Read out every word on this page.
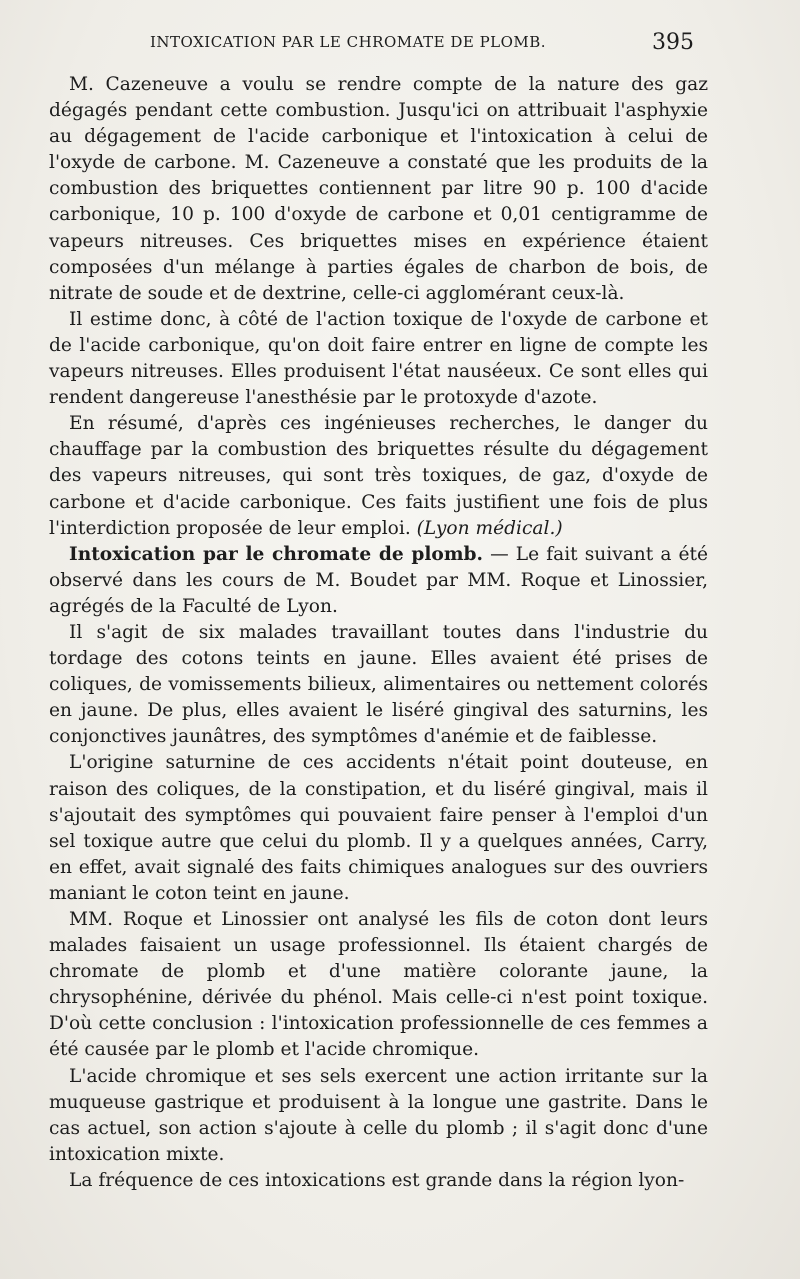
INTOXICATION PAR LE CHROMATE DE PLOMB.	395

M. Cazeneuve a voulu se rendre compte de la nature des gaz dégagés pendant cette combustion. Jusqu'ici on attribuait l'asphyxie au dégagement de l'acide carbonique et l'intoxication à celui de l'oxyde de carbone. M. Cazeneuve a constaté que les produits de la combustion des briquettes contiennent par litre 90 p. 100 d'acide carbonique, 10 p. 100 d'oxyde de carbone et 0,01 centigramme de vapeurs nitreuses. Ces briquettes mises en expérience étaient composées d'un mélange à parties égales de charbon de bois, de nitrate de soude et de dextrine, celle-ci agglomérant ceux-là.

Il estime donc, à côté de l'action toxique de l'oxyde de carbone et de l'acide carbonique, qu'on doit faire entrer en ligne de compte les vapeurs nitreuses. Elles produisent l'état nauséeux. Ce sont elles qui rendent dangereuse l'anesthésie par le protoxyde d'azote.

En résumé, d'après ces ingénieuses recherches, le danger du chauffage par la combustion des briquettes résulte du dégagement des vapeurs nitreuses, qui sont très toxiques, de gaz, d'oxyde de carbone et d'acide carbonique. Ces faits justifient une fois de plus l'interdiction proposée de leur emploi. (Lyon médical.)

Intoxication par le chromate de plomb. — Le fait suivant a été observé dans les cours de M. Boudet par MM. Roque et Linossier, agrégés de la Faculté de Lyon.

Il s'agit de six malades travaillant toutes dans l'industrie du tordage des cotons teints en jaune. Elles avaient été prises de coliques, de vomissements bilieux, alimentaires ou nettement colorés en jaune. De plus, elles avaient le liséré gingival des saturnins, les conjonctives jaunâtres, des symptômes d'anémie et de faiblesse.

L'origine saturnine de ces accidents n'était point douteuse, en raison des coliques, de la constipation, et du liséré gingival, mais il s'ajoutait des symptômes qui pouvaient faire penser à l'emploi d'un sel toxique autre que celui du plomb. Il y a quelques années, Carry, en effet, avait signalé des faits chimiques analogues sur des ouvriers maniant le coton teint en jaune.

MM. Roque et Linossier ont analysé les fils de coton dont leurs malades faisaient un usage professionnel. Ils étaient chargés de chromate de plomb et d'une matière colorante jaune, la chrysophénine, dérivée du phénol. Mais celle-ci n'est point toxique. D'où cette conclusion : l'intoxication professionnelle de ces femmes a été causée par le plomb et l'acide chromique.

L'acide chromique et ses sels exercent une action irritante sur la muqueuse gastrique et produisent à la longue une gastrite. Dans le cas actuel, son action s'ajoute à celle du plomb ; il s'agit donc d'une intoxication mixte.

La fréquence de ces intoxications est grande dans la région lyon-
